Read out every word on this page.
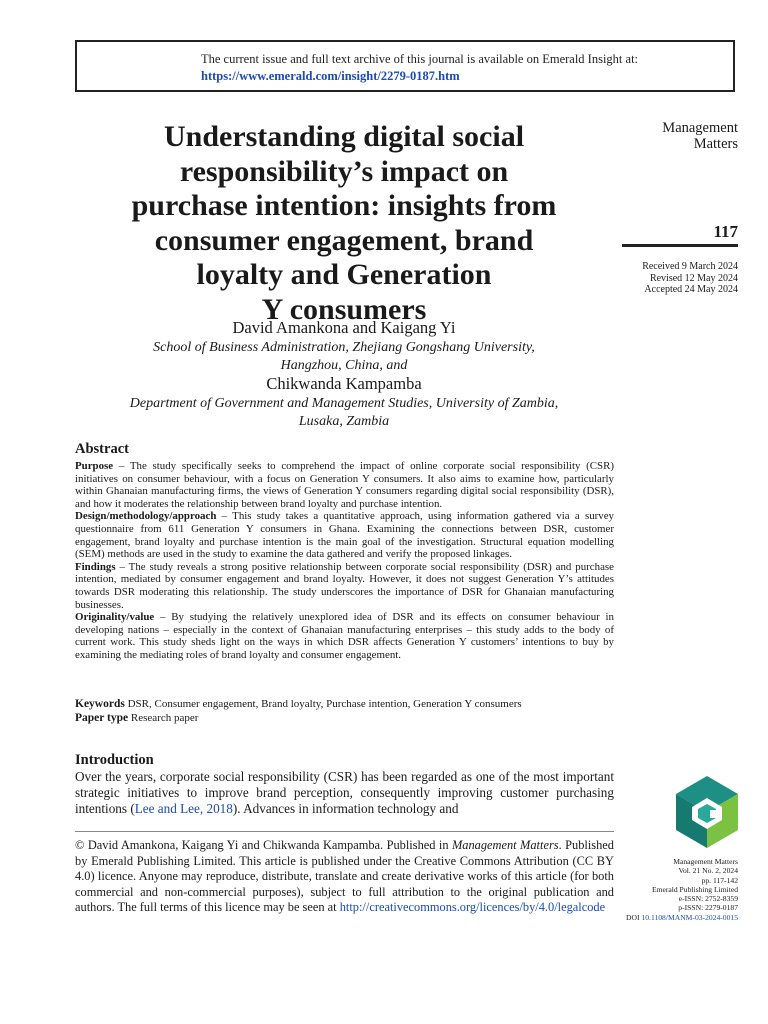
The current issue and full text archive of this journal is available on Emerald Insight at:
https://www.emerald.com/insight/2279-0187.htm
Understanding digital social
responsibility’s impact on
purchase intention: insights from
consumer engagement, brand
loyalty and Generation
Y consumers
Management
Matters
117
Received 9 March 2024
Revised 12 May 2024
Accepted 24 May 2024
David Amankona and Kaigang Yi
School of Business Administration, Zhejiang Gongshang University,
Hangzhou, China, and
Chikwanda Kampamba
Department of Government and Management Studies, University of Zambia,
Lusaka, Zambia
Abstract

Purpose – The study specifically seeks to comprehend the impact of online corporate social responsibility (CSR) initiatives on consumer behaviour, with a focus on Generation Y consumers. It also aims to examine how, particularly within Ghanaian manufacturing firms, the views of Generation Y consumers regarding digital social responsibility (DSR), and how it moderates the relationship between brand loyalty and purchase intention.

Design/methodology/approach – This study takes a quantitative approach, using information gathered via a survey questionnaire from 611 Generation Y consumers in Ghana. Examining the connections between DSR, customer engagement, brand loyalty and purchase intention is the main goal of the investigation. Structural equation modelling (SEM) methods are used in the study to examine the data gathered and verify the proposed linkages.

Findings – The study reveals a strong positive relationship between corporate social responsibility (DSR) and purchase intention, mediated by consumer engagement and brand loyalty. However, it does not suggest Generation Y’s attitudes towards DSR moderating this relationship. The study underscores the importance of DSR for Ghanaian manufacturing businesses.

Originality/value – By studying the relatively unexplored idea of DSR and its effects on consumer behaviour in developing nations – especially in the context of Ghanaian manufacturing enterprises – this study adds to the body of current work. This study sheds light on the ways in which DSR affects Generation Y customers’ intentions to buy by examining the mediating roles of brand loyalty and consumer engagement.

Keywords DSR, Consumer engagement, Brand loyalty, Purchase intention, Generation Y consumers
Paper type Research paper
Introduction
Over the years, corporate social responsibility (CSR) has been regarded as one of the most important strategic initiatives to improve brand perception, consequently improving customer purchasing intentions (Lee and Lee, 2018). Advances in information technology and
© David Amankona, Kaigang Yi and Chikwanda Kampamba. Published in Management Matters. Published by Emerald Publishing Limited. This article is published under the Creative Commons Attribution (CC BY 4.0) licence. Anyone may reproduce, distribute, translate and create derivative works of this article (for both commercial and non-commercial purposes), subject to full attribution to the original publication and authors. The full terms of this licence may be seen at http://creativecommons.org/licences/by/4.0/legalcode
Management Matters
Vol. 21 No. 2, 2024
pp. 117-142
Emerald Publishing Limited
e-ISSN: 2752-8359
p-ISSN: 2279-0187
DOI 10.1108/MANM-03-2024-0015
